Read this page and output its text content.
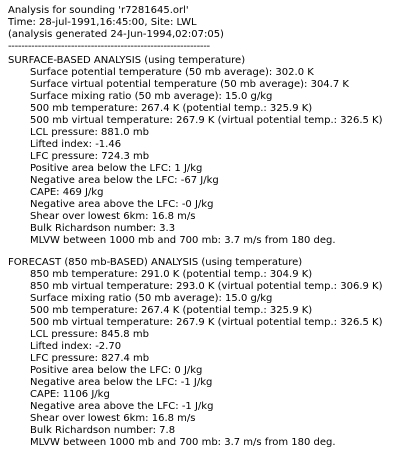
Analysis for sounding 'r7281645.orl'
Time: 28-jul-1991,16:45:00, Site: LWL
(analysis generated 24-Jun-1994,02:07:05)
-------------------------------------------------------------
SURFACE-BASED ANALYSIS (using temperature)
Surface potential temperature (50 mb average): 302.0 K
Surface virtual potential temperature (50 mb average): 304.7 K
Surface mixing ratio (50 mb average): 15.0 g/kg
500 mb temperature: 267.4 K (potential temp.: 325.9 K)
500 mb virtual temperature: 267.9 K (virtual potential temp.: 326.5 K)
LCL pressure: 881.0 mb
Lifted index: -1.46
LFC pressure: 724.3 mb
Positive area below the LFC: 1 J/kg
Negative area below the LFC: -67 J/kg
CAPE: 469 J/kg
Negative area above the LFC: -0 J/kg
Shear over lowest 6km: 16.8 m/s
Bulk Richardson number: 3.3
MLVW between 1000 mb and 700 mb: 3.7 m/s from 180 deg.
FORECAST (850 mb-BASED) ANALYSIS (using temperature)
850 mb temperature: 291.0 K (potential temp.: 304.9 K)
850 mb virtual temperature: 293.0 K (virtual potential temp.: 306.9 K)
Surface mixing ratio (50 mb average): 15.0 g/kg
500 mb temperature: 267.4 K (potential temp.: 325.9 K)
500 mb virtual temperature: 267.9 K (virtual potential temp.: 326.5 K)
LCL pressure: 845.8 mb
Lifted index: -2.70
LFC pressure: 827.4 mb
Positive area below the LFC: 0 J/kg
Negative area below the LFC: -1 J/kg
CAPE: 1106 J/kg
Negative area above the LFC: -1 J/kg
Shear over lowest 6km: 16.8 m/s
Bulk Richardson number: 7.8
MLVW between 1000 mb and 700 mb: 3.7 m/s from 180 deg.
